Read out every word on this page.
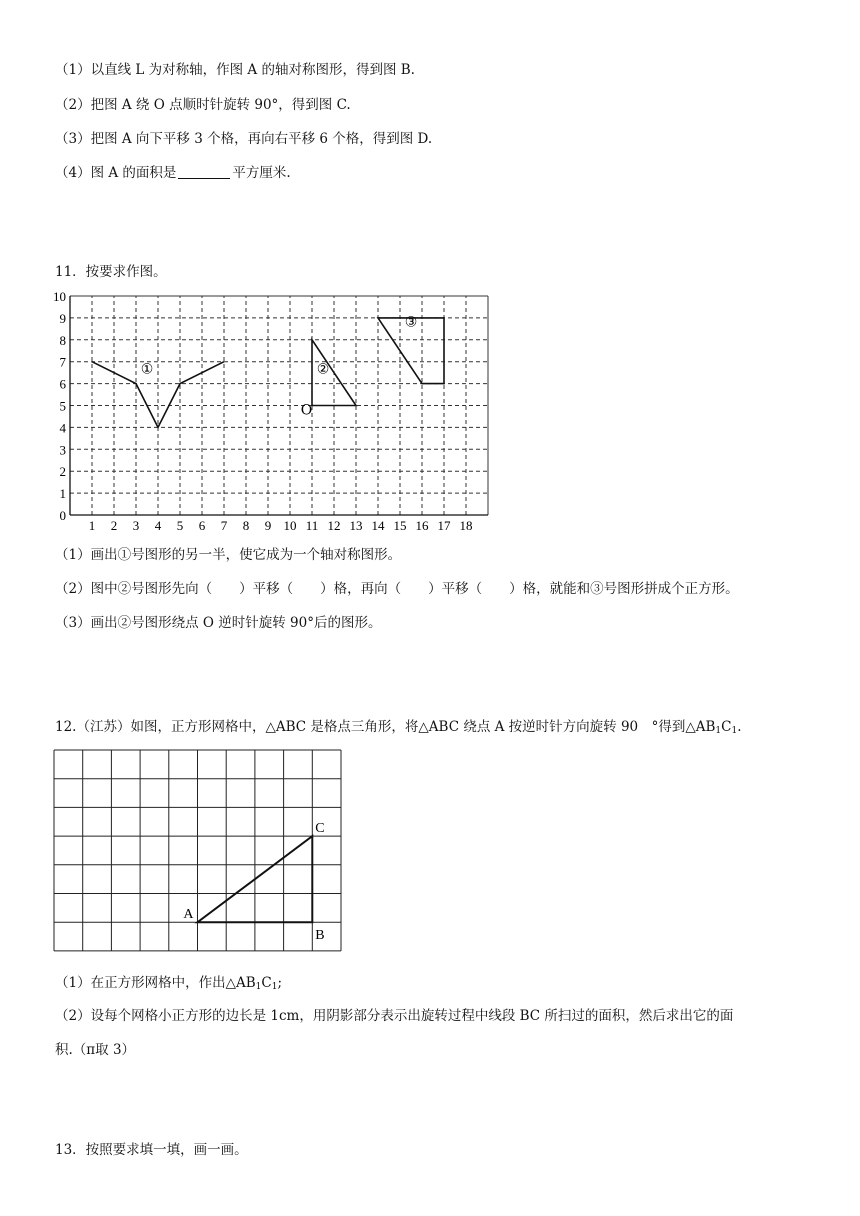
（1）以直线 L 为对称轴，作图 A 的轴对称图形，得到图 B.
（2）把图 A 绕 O 点顺时针旋转 90°，得到图 C.
（3）把图 A 向下平移 3 个格，再向右平移 6 个格，得到图 D.
（4）图 A 的面积是	平方厘米.
11．按要求作图。
1 2 3 4 5 6 7 8 9 10 11 12 13 14 15 16 17 18
0
1
2
3
4
5
6
7
8
9
10
①	②
③
O
（1）画出①号图形的另一半，使它成为一个轴对称图形。
（2）图中②号图形先向（　　）平移（　　）格，再向（　　）平移（　　）格，就能和③号图形拼成个正方形。
（3）画出②号图形绕点 O 逆时针旋转 90°后的图形。
12.（江苏）如图，正方形网格中，△ABC 是格点三角形，将△ABC 绕点 A 按逆时针方向旋转 90　°得到$\triangle AB_1C_1$.
A
B
C
（1）在正方形网格中，作出$\triangle AB_1C_1$;
（2）设每个网格小正方形的边长是 1cm，用阴影部分表示出旋转过程中线段 BC 所扫过的面积，然后求出它的面
积.（π取 3）
13．按照要求填一填，画一画。
